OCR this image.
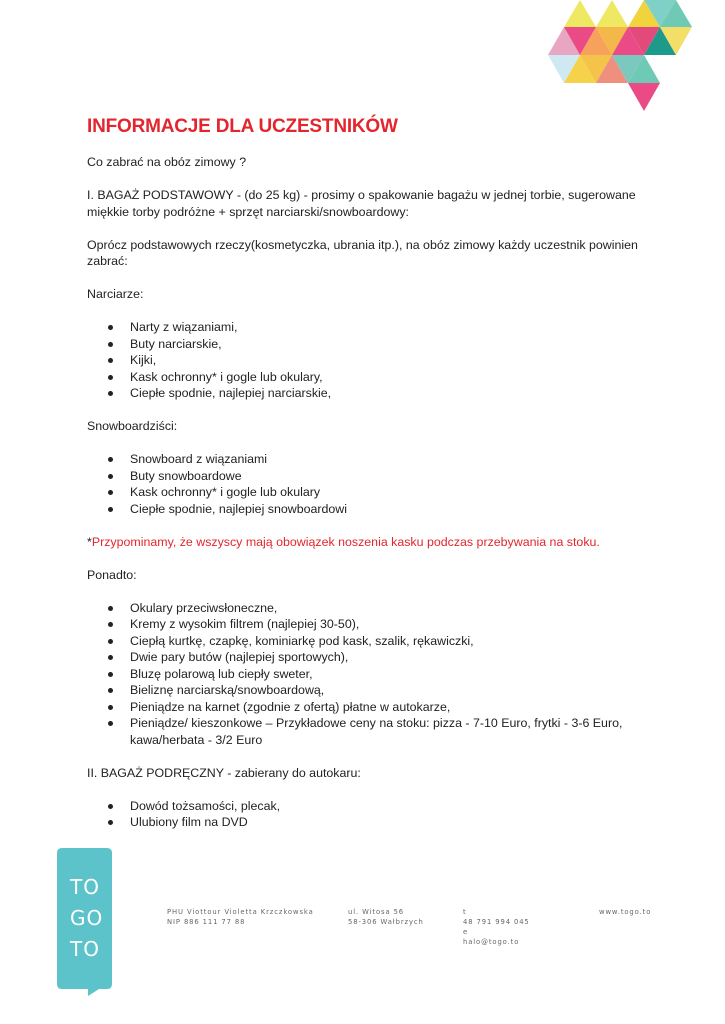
INFORMACJE DLA UCZESTNIKÓW

Co zabrać na obóz zimowy ?

I. BAGAŻ PODSTAWOWY - (do 25 kg) - prosimy o spakowanie bagażu w jednej torbie, sugerowane miękkie torby podróżne + sprzęt narciarski/snowboardowy:

Oprócz podstawowych rzeczy(kosmetyczka, ubrania itp.), na obóz zimowy każdy uczestnik powinien zabrać:

Narciarze:

Narty z wiązaniami,
Buty narciarskie,
Kijki,
Kask ochronny* i gogle lub okulary,
Ciepłe spodnie, najlepiej narciarskie,

Snowboardziści:

Snowboard z wiązaniami
Buty snowboardowe
Kask ochronny* i gogle lub okulary
Ciepłe spodnie, najlepiej snowboardowi

*Przypominamy, że wszyscy mają obowiązek noszenia kasku podczas przebywania na stoku.

Ponadto:

Okulary przeciwsłoneczne,
Kremy z wysokim filtrem (najlepiej 30-50),
Ciepłą kurtkę, czapkę, kominiarkę pod kask, szalik, rękawiczki,
Dwie pary butów (najlepiej sportowych),
Bluzę polarową lub ciepły sweter,
Bieliznę narciarską/snowboardową,
Pieniądze na karnet (zgodnie z ofertą) płatne w autokarze,
Pieniądze/ kieszonkowe – Przykładowe ceny na stoku: pizza - 7-10 Euro, frytki - 3-6 Euro, kawa/herbata - 3/2 Euro

II. BAGAŻ PODRĘCZNY - zabierany do autokaru:

Dowód tożsamości, plecak,
Ulubiony film na DVD
TO
GO
TO
PHU Viottour Violetta Krzczkowska
NIP 886 111 77 88
ul. Witosa 56
58-306 Wałbrzych
t
48 791 994 045
e
halo@togo.to
www.togo.to
